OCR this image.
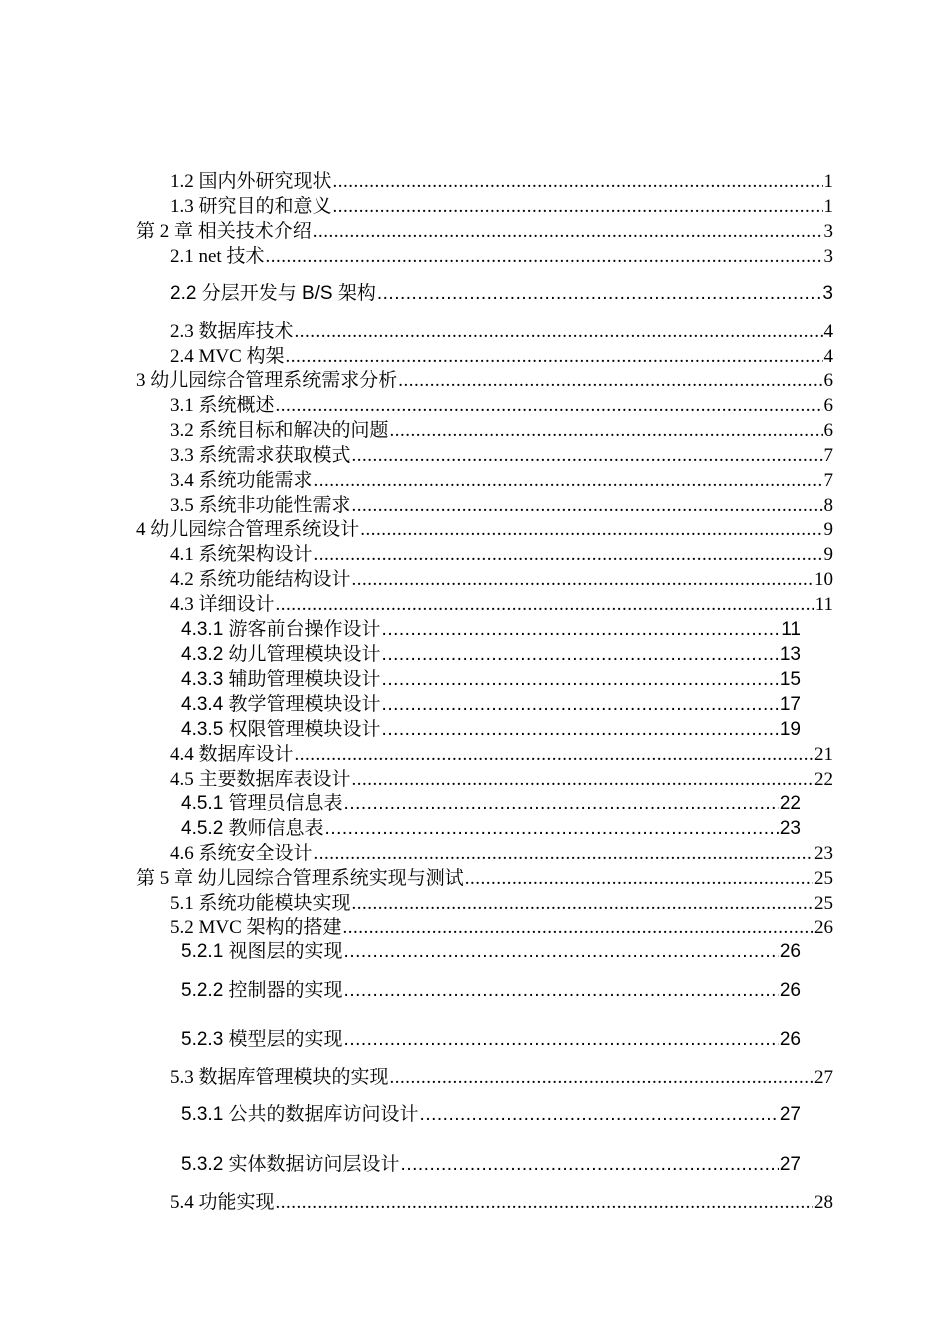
1.2 国内外研究现状 .....	1
1.3 研究目的和意义 .....	1
第 2 章 相关技术介绍 .....	3
2.1 net 技术 .....	3
2.2 分层开发与 B/S 架构 .....	3
2.3 数据库技术 .....	4
2.4 MVC 构架 .....	4
3 幼儿园综合管理系统需求分析 .....	6
3.1 系统概述 .....	6
3.2 系统目标和解决的问题 .....	6
3.3 系统需求获取模式 .....	7
3.4 系统功能需求 .....	7
3.5 系统非功能性需求 .....	8
4 幼儿园综合管理系统设计 .....	9
4.1 系统架构设计 .....	9
4.2 系统功能结构设计 .....	10
4.3 详细设计 .....	11
4.3.1 游客前台操作设计 .....	11
4.3.2 幼儿管理模块设计 .....	13
4.3.3 辅助管理模块设计 .....	15
4.3.4 教学管理模块设计 .....	17
4.3.5 权限管理模块设计 .....	19
4.4 数据库设计 .....	21
4.5 主要数据库表设计 .....	22
4.5.1 管理员信息表 .....	22
4.5.2 教师信息表 .....	23
4.6 系统安全设计 .....	23
第 5 章 幼儿园综合管理系统实现与测试 .....	25
5.1 系统功能模块实现 .....	25
5.2 MVC 架构的搭建 .....	26
5.2.1 视图层的实现 .....	26
5.2.2 控制器的实现 .....	26
5.2.3 模型层的实现 .....	26
5.3 数据库管理模块的实现 .....	27
5.3.1 公共的数据库访问设计 .....	27
5.3.2 实体数据访问层设计 .....	27
5.4 功能实现 .....	28
